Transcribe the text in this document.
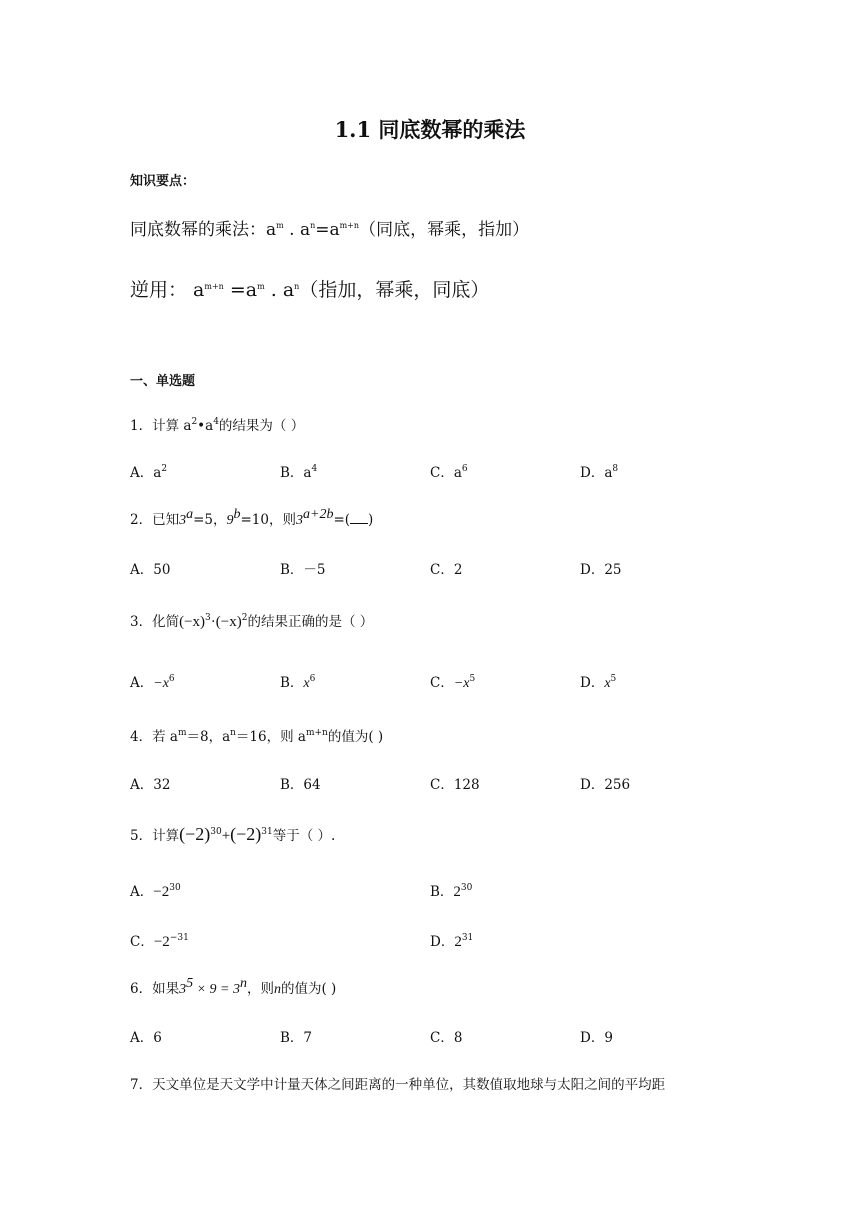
1.1 同底数幂的乘法
知识要点：
同底数幂的乘法：$a^m$ . $a^n=a^{m+n}$（同底，幂乘，指加）
逆用： $a^{m+n} =a^m$ . $a^n$（指加，幂乘，同底）
一、单选题
1．计算 $a^2•a^4$的结果为（ ）
A．$a^2$	B．$a^4$	C．$a^6$	D．$a^8$
2．已知$3^a=5$，$9^b=10$，则$3^{a+2b}=$( )
A．50	B．－5	C．2	D．25
3．化简$(-x)^3\cdot(-x)^2$的结果正确的是（ ）
A．$-x^6$	B．$x^6$	C．$-x^5$	D．$x^5$
4．若 $a^m=8$，$a^n=16$，则 $a^{m+n}$的值为( )
A．32	B．64	C．128	D．256
5．计算$(-2)^{30}+(-2)^{31}$等于（ ）.
A．$-2^{30}$	B．$2^{30}$
C．$-2^{-31}$	D．$2^{31}$
6．如果$3^5 \times 9 = 3^n$，则n的值为( )
A．6	B．7	C．8	D．9
7．天文单位是天文学中计量天体之间距离的一种单位，其数值取地球与太阳之间的平均距
